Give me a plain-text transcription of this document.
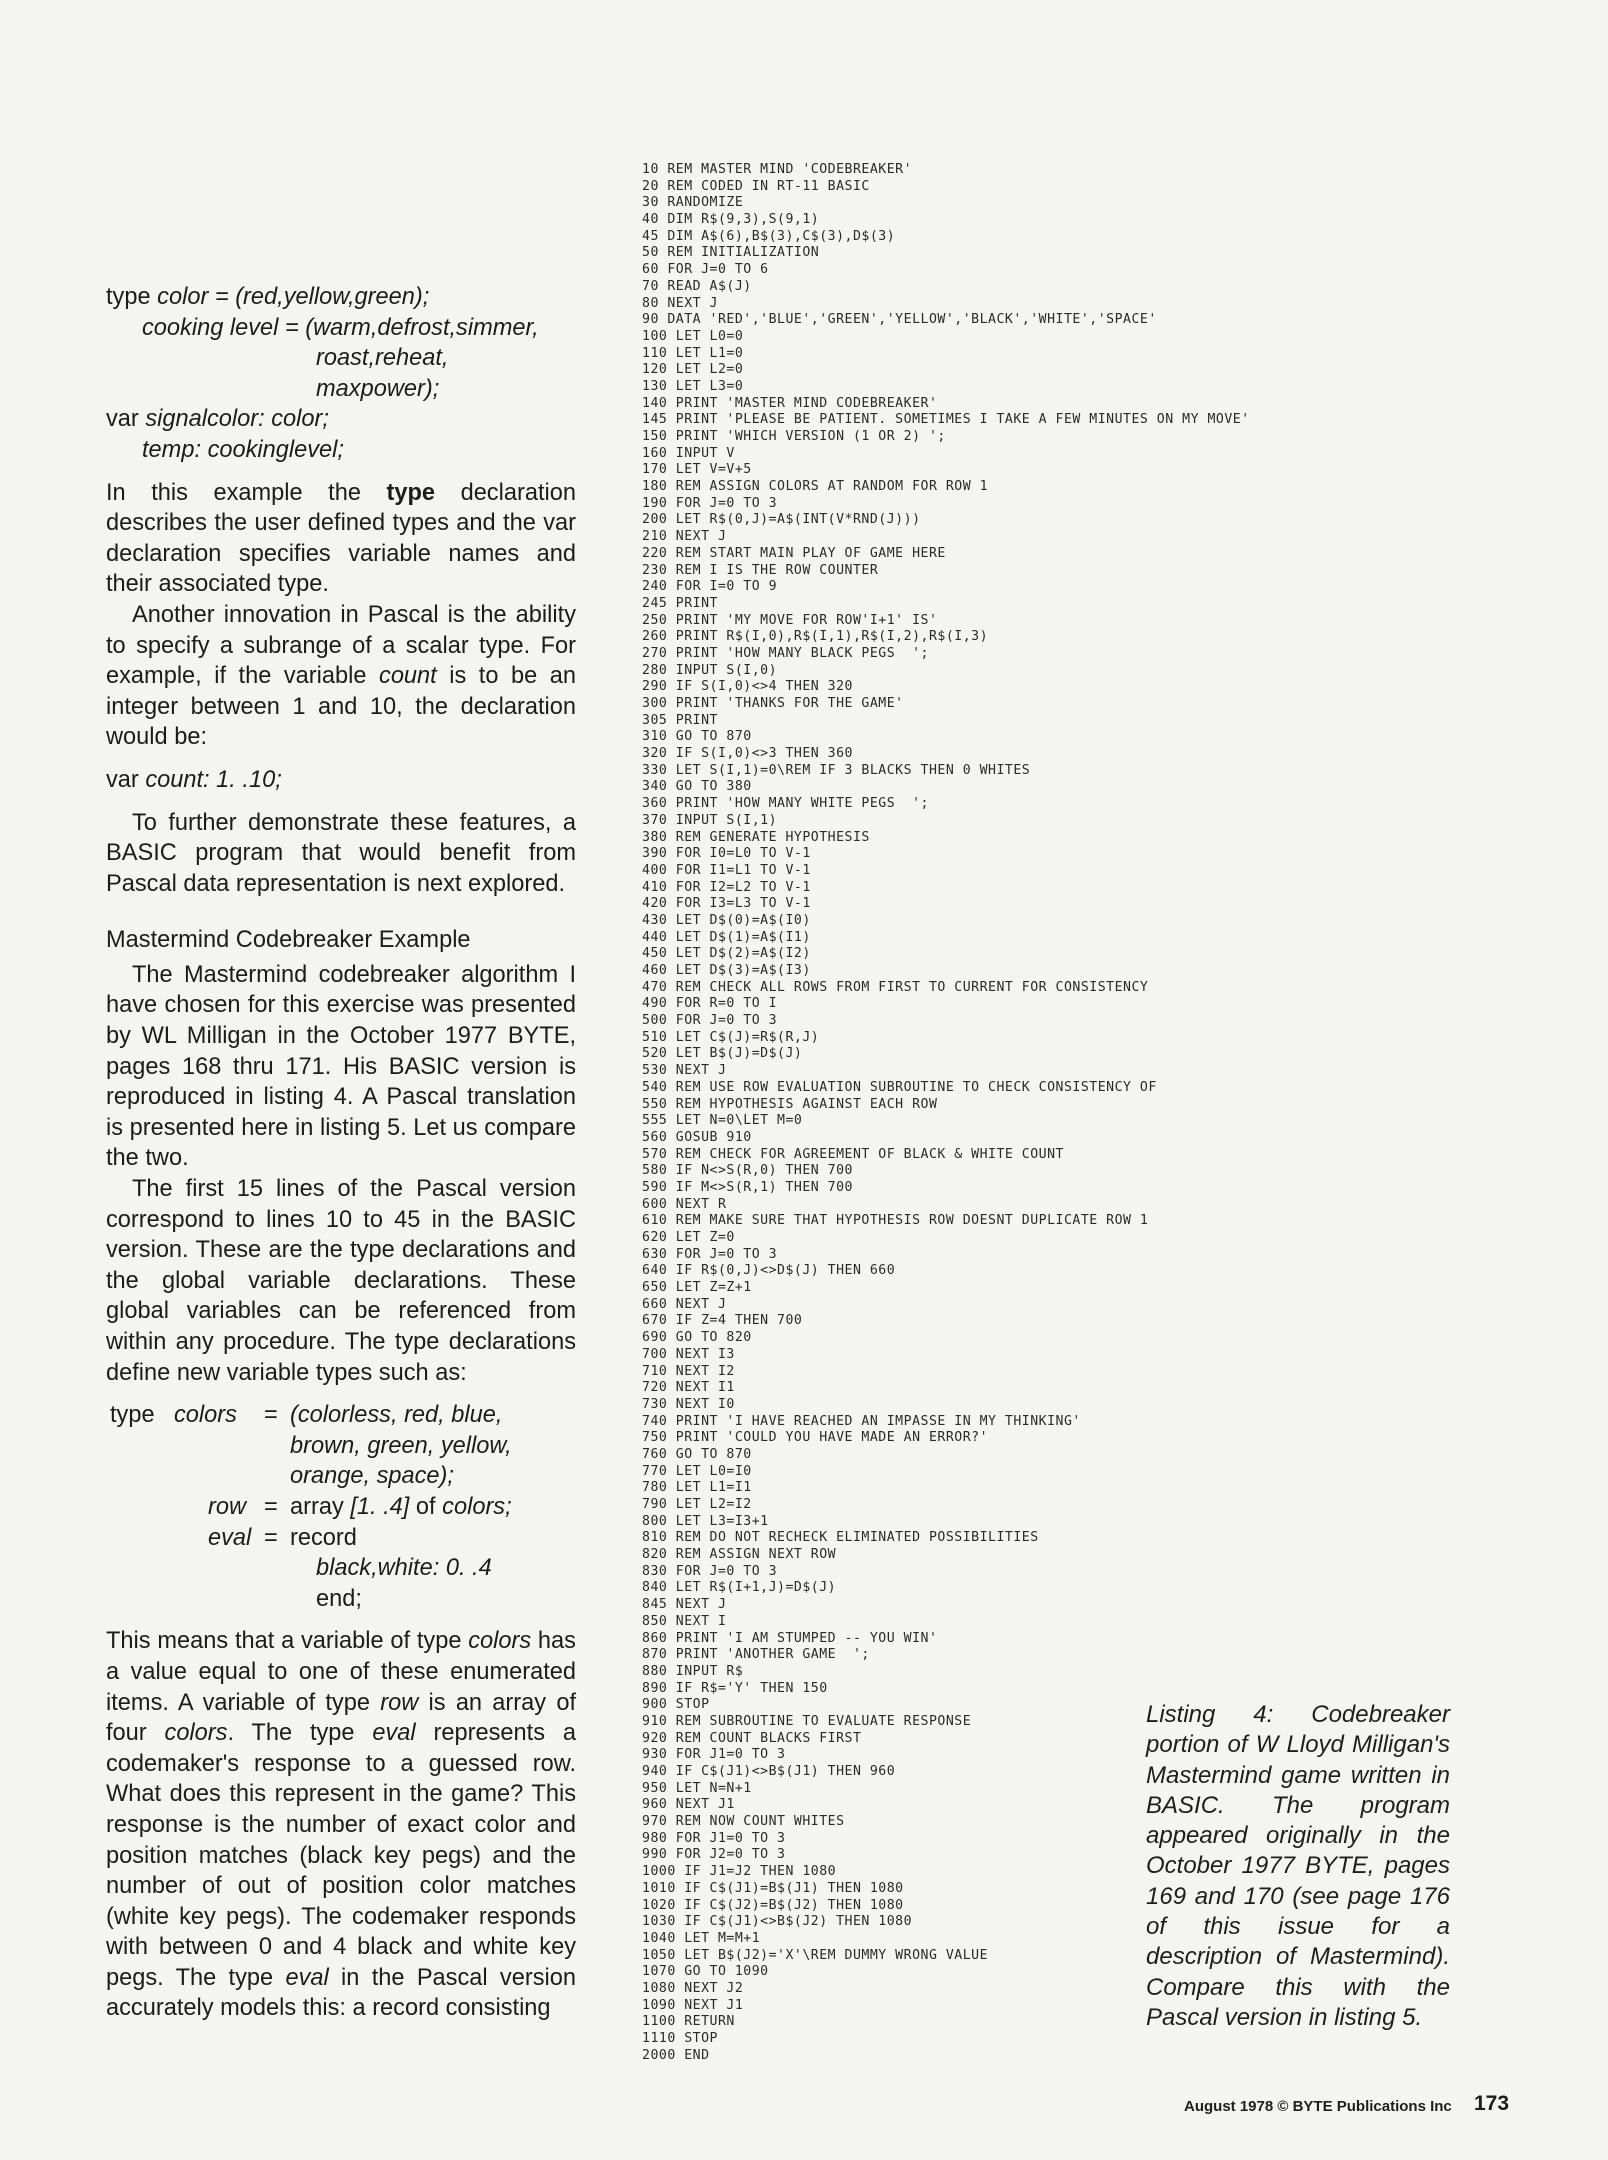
type color = (red,yellow,green);
cooking level = (warm,defrost,simmer,
roast,reheat,
maxpower);
var signalcolor: color;
temp: cookinglevel;

In this example the type declaration describes the user defined types and the var declaration specifies variable names and their associated type.

Another innovation in Pascal is the ability to specify a subrange of a scalar type. For example, if the variable count is to be an integer between 1 and 10, the declaration would be:

var count: 1. .10;

To further demonstrate these features, a BASIC program that would benefit from Pascal data representation is next explored.

Mastermind Codebreaker Example

The Mastermind codebreaker algorithm I have chosen for this exercise was presented by WL Milligan in the October 1977 BYTE, pages 168 thru 171. His BASIC version is reproduced in listing 4. A Pascal translation is presented here in listing 5. Let us compare the two.

The first 15 lines of the Pascal version correspond to lines 10 to 45 in the BASIC version. These are the type declarations and the global variable declarations. These global variables can be referenced from within any procedure. The type declarations define new variable types such as:

type	colors	=	(colorless, red, blue,
			brown, green, yellow,
			orange, space);
	row	=	array [1. .4] of colors;
	eval	=	record
			black,white: 0. .4
			end;

This means that a variable of type colors has a value equal to one of these enumerated items. A variable of type row is an array of four colors. The type eval represents a codemaker's response to a guessed row. What does this represent in the game? This response is the number of exact color and position matches (black key pegs) and the number of out of position color matches (white key pegs). The codemaker responds with between 0 and 4 black and white key pegs. The type eval in the Pascal version accurately models this: a record consisting

10 REM MASTER MIND 'CODEBREAKER'
20 REM CODED IN RT-11 BASIC
30 RANDOMIZE
40 DIM R$(9,3),S(9,1)
45 DIM A$(6),B$(3),C$(3),D$(3)
50 REM INITIALIZATION
60 FOR J=0 TO 6
70 READ A$(J)
80 NEXT J
90 DATA 'RED','BLUE','GREEN','YELLOW','BLACK','WHITE','SPACE'
100 LET L0=0
110 LET L1=0
120 LET L2=0
130 LET L3=0
140 PRINT 'MASTER MIND CODEBREAKER'
145 PRINT 'PLEASE BE PATIENT. SOMETIMES I TAKE A FEW MINUTES ON MY MOVE'
150 PRINT 'WHICH VERSION (1 OR 2) ';
160 INPUT V
170 LET V=V+5
180 REM ASSIGN COLORS AT RANDOM FOR ROW 1
190 FOR J=0 TO 3
200 LET R$(0,J)=A$(INT(V*RND(J)))
210 NEXT J
220 REM START MAIN PLAY OF GAME HERE
230 REM I IS THE ROW COUNTER
240 FOR I=0 TO 9
245 PRINT
250 PRINT 'MY MOVE FOR ROW'I+1' IS'
260 PRINT R$(I,0),R$(I,1),R$(I,2),R$(I,3)
270 PRINT 'HOW MANY BLACK PEGS  ';
280 INPUT S(I,0)
290 IF S(I,0)<>4 THEN 320
300 PRINT 'THANKS FOR THE GAME'
305 PRINT
310 GO TO 870
320 IF S(I,0)<>3 THEN 360
330 LET S(I,1)=0\REM IF 3 BLACKS THEN 0 WHITES
340 GO TO 380
360 PRINT 'HOW MANY WHITE PEGS  ';
370 INPUT S(I,1)
380 REM GENERATE HYPOTHESIS
390 FOR I0=L0 TO V-1
400 FOR I1=L1 TO V-1
410 FOR I2=L2 TO V-1
420 FOR I3=L3 TO V-1
430 LET D$(0)=A$(I0)
440 LET D$(1)=A$(I1)
450 LET D$(2)=A$(I2)
460 LET D$(3)=A$(I3)
470 REM CHECK ALL ROWS FROM FIRST TO CURRENT FOR CONSISTENCY
490 FOR R=0 TO I
500 FOR J=0 TO 3
510 LET C$(J)=R$(R,J)
520 LET B$(J)=D$(J)
530 NEXT J
540 REM USE ROW EVALUATION SUBROUTINE TO CHECK CONSISTENCY OF
550 REM HYPOTHESIS AGAINST EACH ROW
555 LET N=0\LET M=0
560 GOSUB 910
570 REM CHECK FOR AGREEMENT OF BLACK & WHITE COUNT
580 IF N<>S(R,0) THEN 700
590 IF M<>S(R,1) THEN 700
600 NEXT R
610 REM MAKE SURE THAT HYPOTHESIS ROW DOESNT DUPLICATE ROW 1
620 LET Z=0
630 FOR J=0 TO 3
640 IF R$(0,J)<>D$(J) THEN 660
650 LET Z=Z+1
660 NEXT J
670 IF Z=4 THEN 700
690 GO TO 820
700 NEXT I3
710 NEXT I2
720 NEXT I1
730 NEXT I0
740 PRINT 'I HAVE REACHED AN IMPASSE IN MY THINKING'
750 PRINT 'COULD YOU HAVE MADE AN ERROR?'
760 GO TO 870
770 LET L0=I0
780 LET L1=I1
790 LET L2=I2
800 LET L3=I3+1
810 REM DO NOT RECHECK ELIMINATED POSSIBILITIES
820 REM ASSIGN NEXT ROW
830 FOR J=0 TO 3
840 LET R$(I+1,J)=D$(J)
845 NEXT J
850 NEXT I
860 PRINT 'I AM STUMPED -- YOU WIN'
870 PRINT 'ANOTHER GAME  ';
880 INPUT R$
890 IF R$='Y' THEN 150
900 STOP
910 REM SUBROUTINE TO EVALUATE RESPONSE
920 REM COUNT BLACKS FIRST
930 FOR J1=0 TO 3
940 IF C$(J1)<>B$(J1) THEN 960
950 LET N=N+1
960 NEXT J1
970 REM NOW COUNT WHITES
980 FOR J1=0 TO 3
990 FOR J2=0 TO 3
1000 IF J1=J2 THEN 1080
1010 IF C$(J1)=B$(J1) THEN 1080
1020 IF C$(J2)=B$(J2) THEN 1080
1030 IF C$(J1)<>B$(J2) THEN 1080
1040 LET M=M+1
1050 LET B$(J2)='X'\REM DUMMY WRONG VALUE
1070 GO TO 1090
1080 NEXT J2
1090 NEXT J1
1100 RETURN
1110 STOP
2000 END
Listing 4: Codebreaker portion of W Lloyd Milligan's Mastermind game written in BASIC. The program appeared originally in the October 1977 BYTE, pages 169 and 170 (see page 176 of this issue for a description of Mastermind). Compare this with the Pascal version in listing 5.
August 1978 © BYTE Publications Inc 173
